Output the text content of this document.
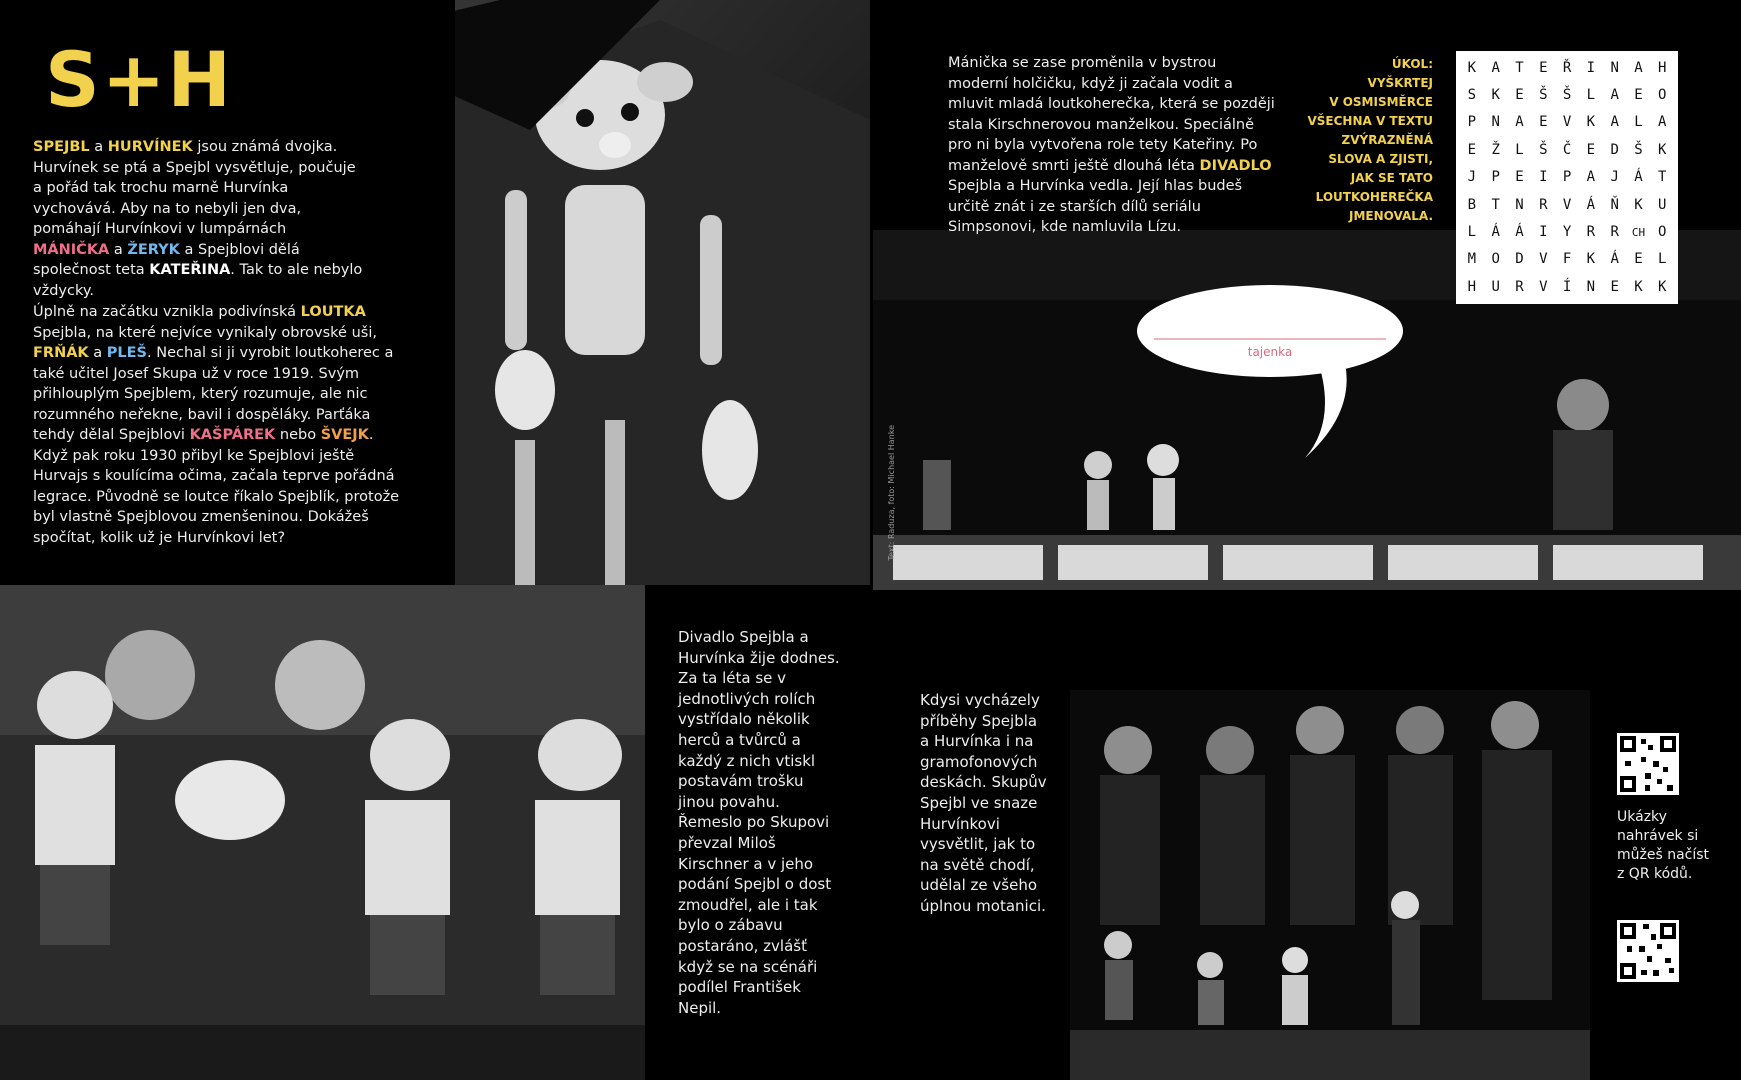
S+H
SPEJBL a HURVÍNEK jsou známá dvojka. Hurvínek se ptá a Spejbl vysvětluje, poučuje a pořád tak trochu marně Hurvínka vychovává. Aby na to nebyli jen dva, pomáhají Hurvínkovi v lumpárnách MÁNIČKA a ŽERYK a Spejblovi dělá společnost teta KATEŘINA. Tak to ale nebylo vždycky.
Úplně na začátku vznikla podivínská LOUTKA Spejbla, na které nejvíce vynikaly obrovské uši, FRŇÁK a PLEŠ. Nechal si ji vyrobit loutkoherec a také učitel Josef Skupa už v roce 1919. Svým přihlouplým Spejblem, který rozumuje, ale nic rozumného neřekne, bavil i dospěláky. Parťáka tehdy dělal Spejblovi KAŠPÁREK nebo ŠVEJK. Když pak roku 1930 přibyl ke Spejblovi ještě Hurvajs s koulícíma očima, začala teprve pořádná legrace. Původně se loutce říkalo Spejblík, protože byl vlastně Spejblovou zmenšeninou. Dokážeš spočítat, kolik už je Hurvínkovi let?
Divadlo Spejbla a Hurvínka žije dodnes. Za ta léta se v jednotlivých rolích vystřídalo několik herců a tvůrců a každý z nich vtiskl postavám trošku jinou povahu. Řemeslo po Skupovi převzal Miloš Kirschner a v jeho podání Spejbl o dost zmoudřel, ale i tak bylo o zábavu postaráno, zvlášť když se na scénáři podílel František Nepil.
Mánička se zase proměnila v bystrou moderní holčičku, když ji začala vodit a mluvit mladá loutkoherečka, která se později stala Kirschnerovou manželkou. Speciálně pro ni byla vytvořena role tety Kateřiny. Po manželově smrti ještě dlouhá léta DIVADLO Spejbla a Hurvínka vedla. Její hlas budeš určitě znát i ze starších dílů seriálu Simpsonovi, kde namluvila Lízu.
ÚKOL:
VYŠKRTEJ
V OSMISMĚRCE
VŠECHNA V TEXTU
ZVÝRAZNĚNÁ
SLOVA A ZJISTI,
JAK SE TATO
LOUTKOHEREČKA
JMENOVALA.
K	A	T	E	Ř	I	N	A	H
S	K	E	Š	Š	L	A	E	O
P	N	A	E	V	K	A	L	A
E	Ž	L	Š	Č	E	D	Š	K
J	P	E	I	P	A	J	Á	T
B	T	N	R	V	Á	Ň	K	U
L	Á	Á	I	Y	R	R	CH O
M	O	D	V	F	K	Á	E	L
H	U	R	V	Í	N	E	K	K
tajenka
Text: Raduza, foto: Michael Hanke
Kdysi vycházely příběhy Spejbla a Hurvínka i na gramofonových deskách. Skupův Spejbl ve snaze Hurvínkovi vysvětlit, jak to na světě chodí, udělal ze všeho úplnou motanici.
Ukázky nahrávek si můžeš načíst z QR kódů.
